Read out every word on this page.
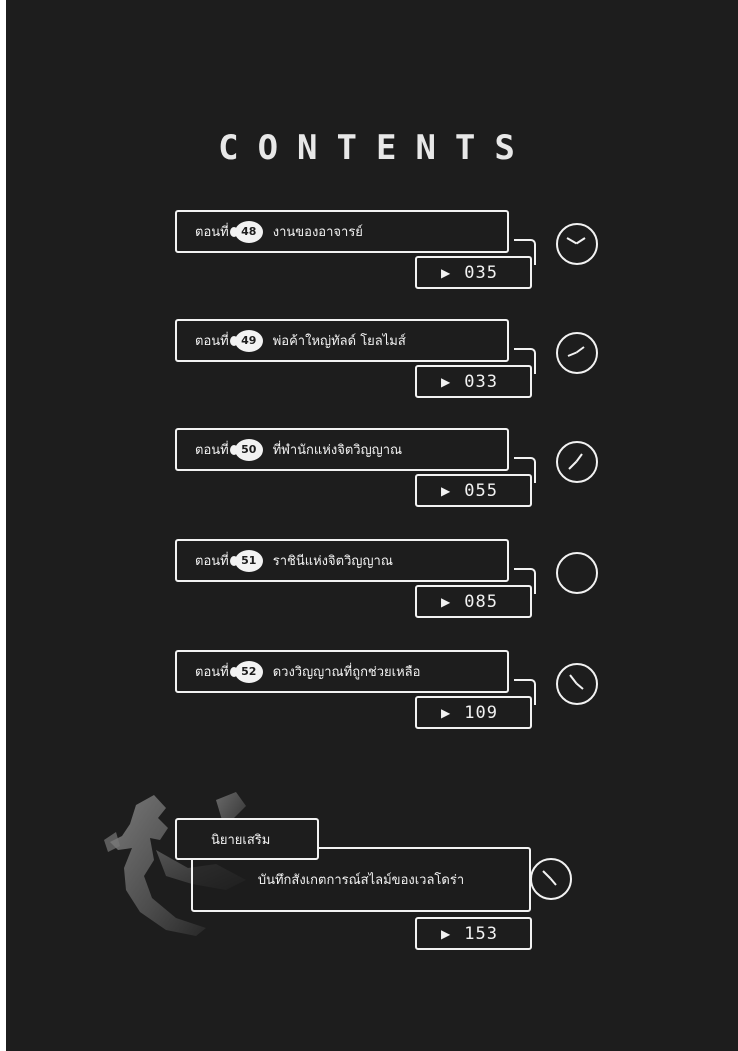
CONTENTS
ตอนที่	48	งานของอาจารย์
▶ 035
ตอนที่	49	พ่อค้าใหญ่ทัลด์ โยลไมส์
▶ 033
ตอนที่	50	ที่พำนักแห่งจิตวิญญาณ
▶ 055
ตอนที่	51	ราชินีแห่งจิตวิญญาณ
▶ 085
ตอนที่	52	ดวงวิญญาณที่ถูกช่วยเหลือ
▶ 109
นิยายเสริม
บันทึกสังเกตการณ์สไลม์ของเวลโดร่า
▶ 153
